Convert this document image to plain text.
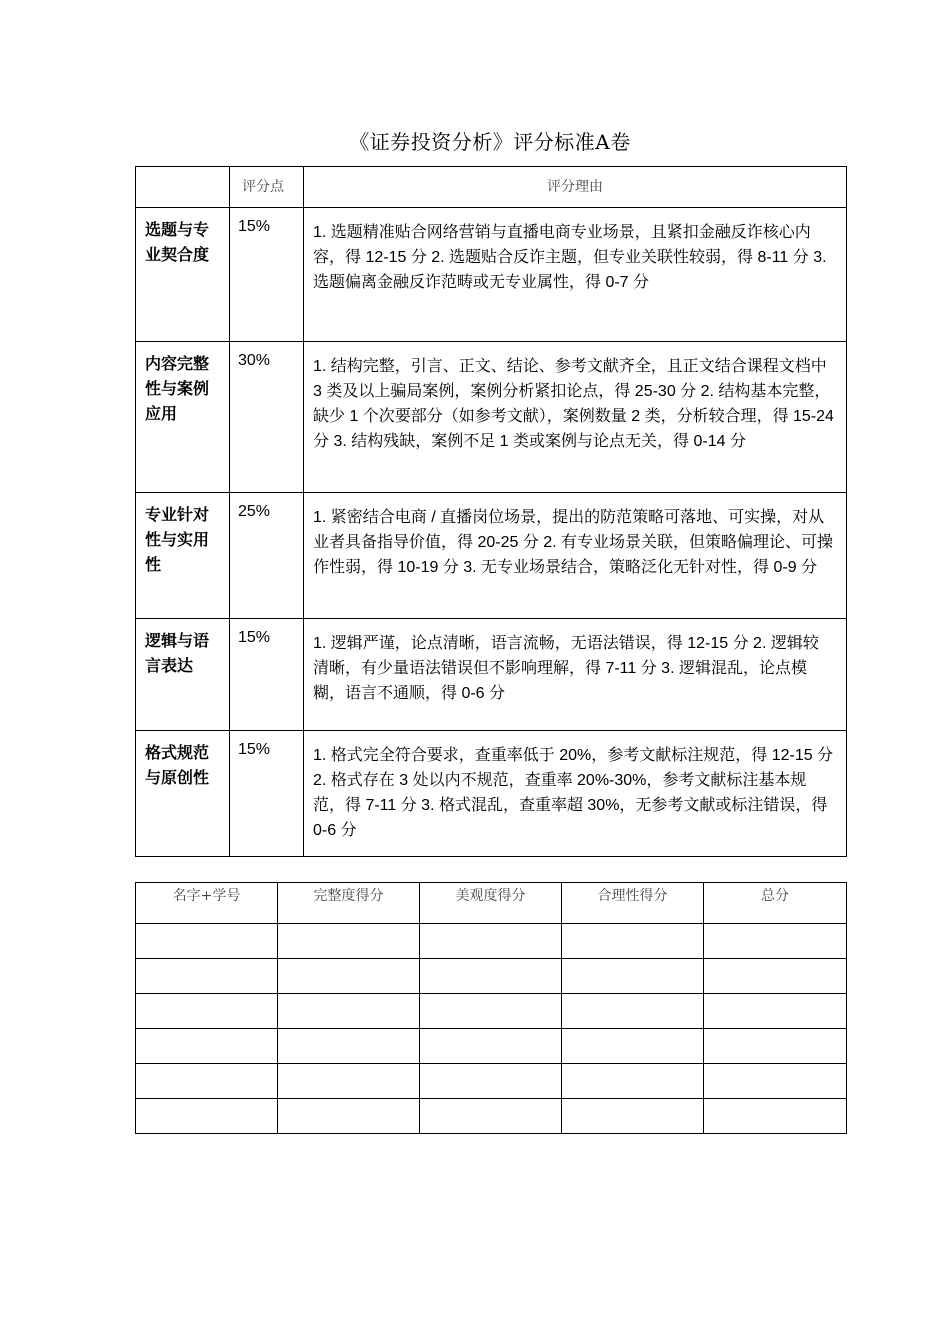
《证券投资分析》评分标准A卷
	评分点	评分理由
选题与专业契合度	15%	1. 选题精准贴合网络营销与直播电商专业场景，且紧扣金融反诈核心内容，得 12-15 分 2. 选题贴合反诈主题，但专业关联性较弱，得 8-11 分 3. 选题偏离金融反诈范畴或无专业属性，得 0-7 分
内容完整性与案例应用	30%	1. 结构完整，引言、正文、结论、参考文献齐全，且正文结合课程文档中 3 类及以上骗局案例，案例分析紧扣论点，得 25-30 分 2. 结构基本完整，缺少 1 个次要部分（如参考文献），案例数量 2 类，分析较合理，得 15-24 分 3. 结构残缺，案例不足 1 类或案例与论点无关，得 0-14 分
专业针对性与实用性	25%	1. 紧密结合电商 / 直播岗位场景，提出的防范策略可落地、可实操，对从业者具备指导价值，得 20-25 分 2. 有专业场景关联，但策略偏理论、可操作性弱，得 10-19 分 3. 无专业场景结合，策略泛化无针对性，得 0-9 分
逻辑与语言表达	15%	1. 逻辑严谨，论点清晰，语言流畅，无语法错误，得 12-15 分 2. 逻辑较清晰，有少量语法错误但不影响理解，得 7-11 分 3. 逻辑混乱，论点模糊，语言不通顺，得 0-6 分
格式规范与原创性	15%	1. 格式完全符合要求，查重率低于 20%，参考文献标注规范，得 12-15 分 2. 格式存在 3 处以内不规范，查重率 20%-30%，参考文献标注基本规范，得 7-11 分 3. 格式混乱，查重率超 30%，无参考文献或标注错误，得 0-6 分
名字+学号	完整度得分	美观度得分	合理性得分	总分
